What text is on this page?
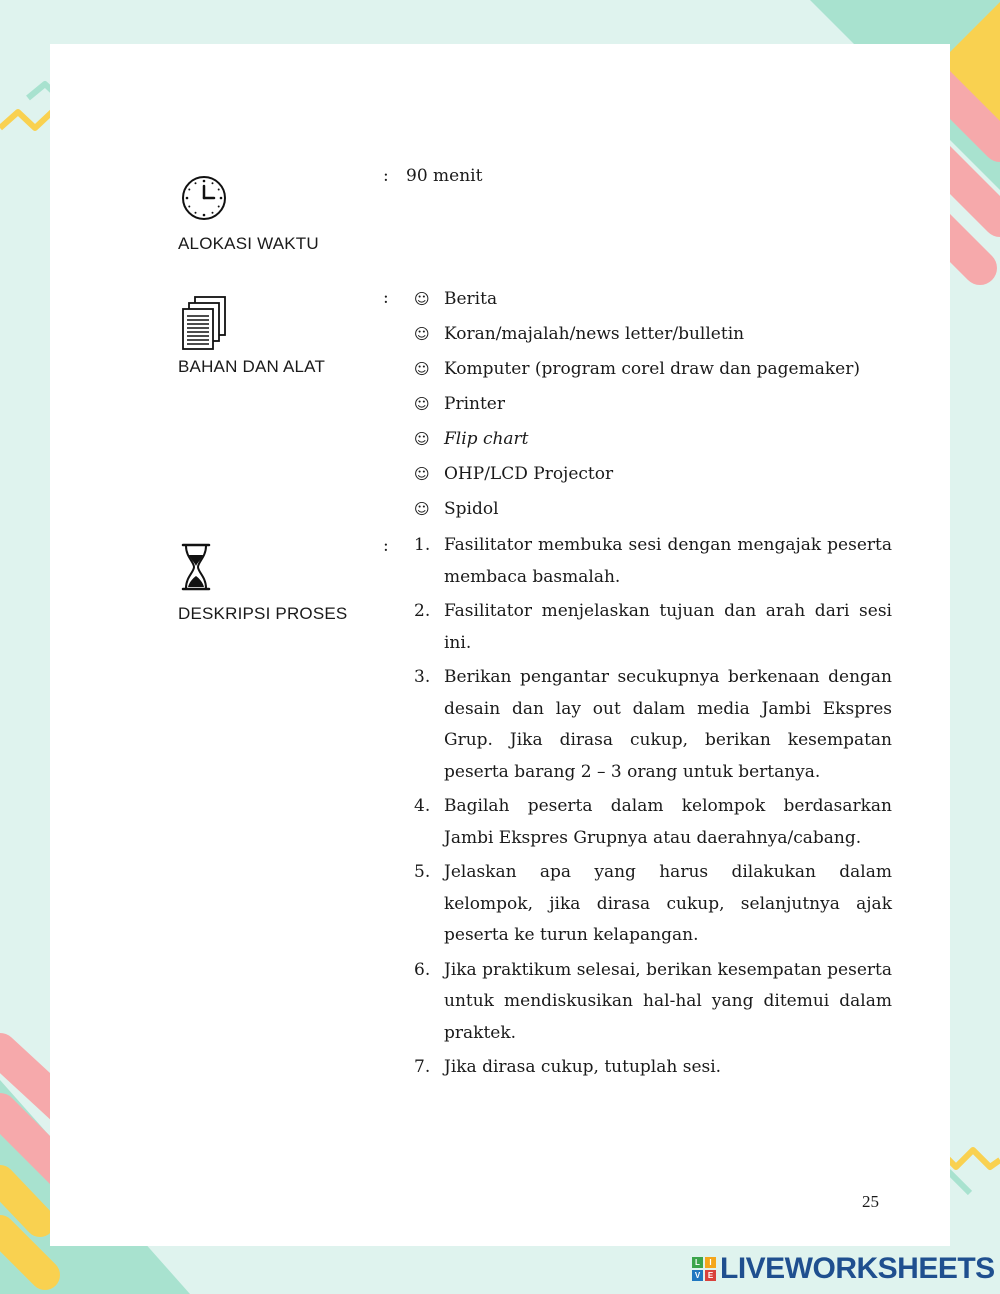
ALOKASI WAKTU
: 90 menit
BAHAN DAN ALAT
: ☺ Berita
☺ Koran/majalah/news letter/bulletin
☺ Komputer (program corel draw dan pagemaker)
☺ Printer
☺ Flip chart
☺ OHP/LCD Projector
☺ Spidol
DESKRIPSI PROSES
: 1. Fasilitator membuka sesi dengan mengajak peserta membaca basmalah.
2. Fasilitator menjelaskan tujuan dan arah dari sesi ini.
3. Berikan pengantar secukupnya berkenaan dengan desain dan lay out dalam media Jambi Ekspres Grup. Jika dirasa cukup, berikan kesempatan peserta barang 2 – 3 orang untuk bertanya.
4. Bagilah peserta dalam kelompok berdasarkan Jambi Ekspres Grupnya atau daerahnya/cabang.
5. Jelaskan apa yang harus dilakukan dalam kelompok, jika dirasa cukup, selanjutnya ajak peserta ke turun kelapangan.
6. Jika praktikum selesai, berikan kesempatan peserta untuk mendiskusikan hal-hal yang ditemui dalam praktek.
7. Jika dirasa cukup, tutuplah sesi.
25
L	I
V E LIVEWORKSHEETS
